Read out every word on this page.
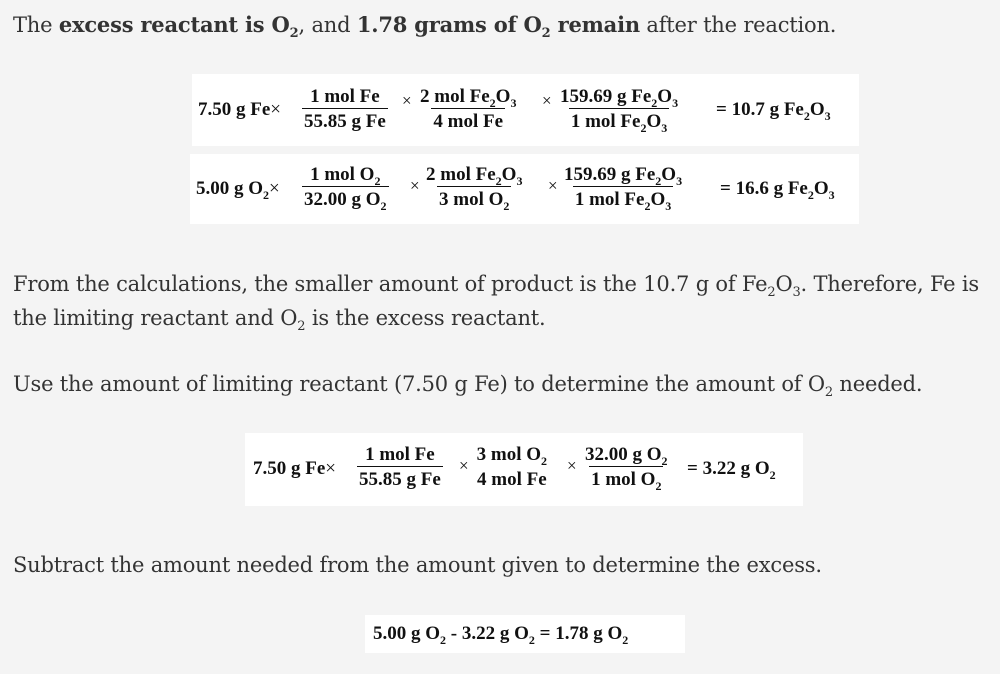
The excess reactant is $O_2$, and 1.78 grams of $O_2$ remain after the reaction.
7.50 g Fe×
1 mol Fe
55.85 g Fe
× 2 mol $Fe_2O_3$
4 mol Fe
× 159.69 g $Fe_2O_3$
1 mol $Fe_2O_3$
= 10.7 g $Fe_2O_3$
5.00 g $O_2\times$
1 mol $O_2$
32.00 g $O_2$
×
2 mol $Fe_2O_3$
3 mol $O_2$
×
159.69 g $Fe_2O_3$
1 mol $Fe_2O_3$
= 16.6 g $Fe_2O_3$
From the calculations, the smaller amount of product is the 10.7 g of $Fe_2O_3$. Therefore, Fe is the limiting reactant and $O_2$ is the excess reactant.
Use the amount of limiting reactant (7.50 g Fe) to determine the amount of $O_2$ needed.
7.50 g Fe×
1 mol Fe
55.85 g Fe
×
3 mol $O_2$
4 mol Fe
×
32.00 g $O_2$
1 mol $O_2$
= 3.22 g $O_2$
Subtract the amount needed from the amount given to determine the excess.
5.00 g $O_2 - 3.22$ g $O_2 = 1.78$ g $O_2$
